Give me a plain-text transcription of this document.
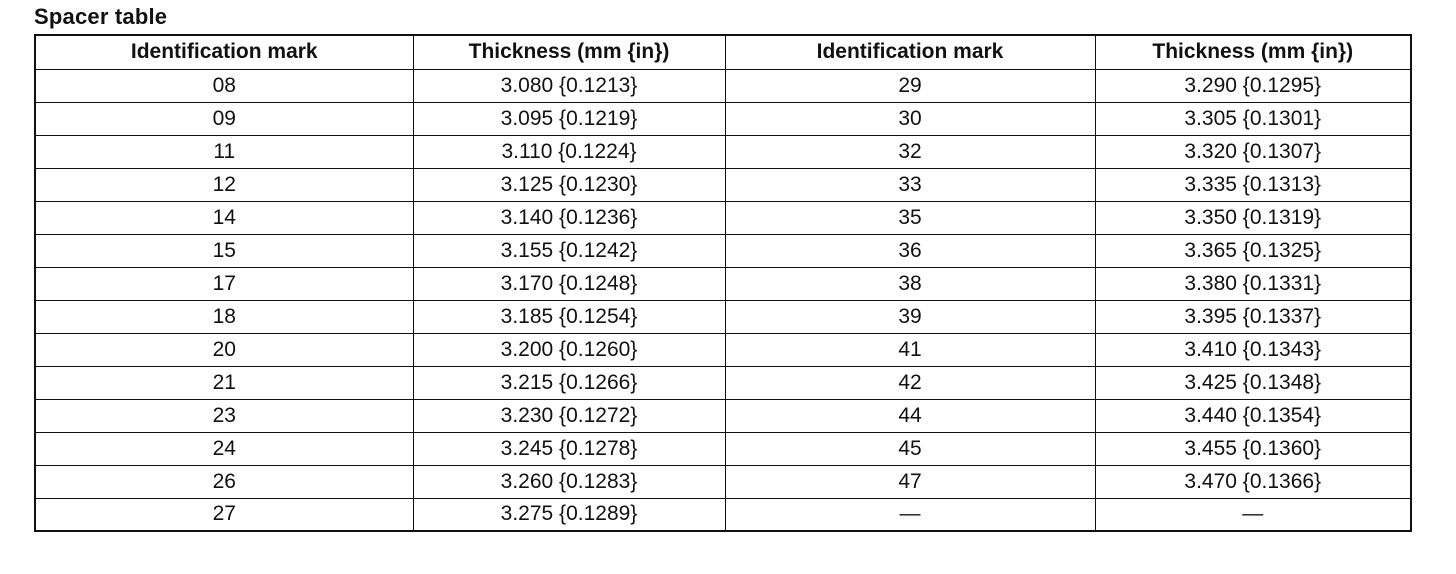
Spacer table
Identification mark	Thickness (mm {in})	Identification mark	Thickness (mm {in})
08	3.080 {0.1213}	29	3.290 {0.1295}
09	3.095 {0.1219}	30	3.305 {0.1301}
11	3.110 {0.1224}	32	3.320 {0.1307}
12	3.125 {0.1230}	33	3.335 {0.1313}
14	3.140 {0.1236}	35	3.350 {0.1319}
15	3.155 {0.1242}	36	3.365 {0.1325}
17	3.170 {0.1248}	38	3.380 {0.1331}
18	3.185 {0.1254}	39	3.395 {0.1337}
20	3.200 {0.1260}	41	3.410 {0.1343}
21	3.215 {0.1266}	42	3.425 {0.1348}
23	3.230 {0.1272}	44	3.440 {0.1354}
24	3.245 {0.1278}	45	3.455 {0.1360}
26	3.260 {0.1283}	47	3.470 {0.1366}
27	3.275 {0.1289}	—	—
